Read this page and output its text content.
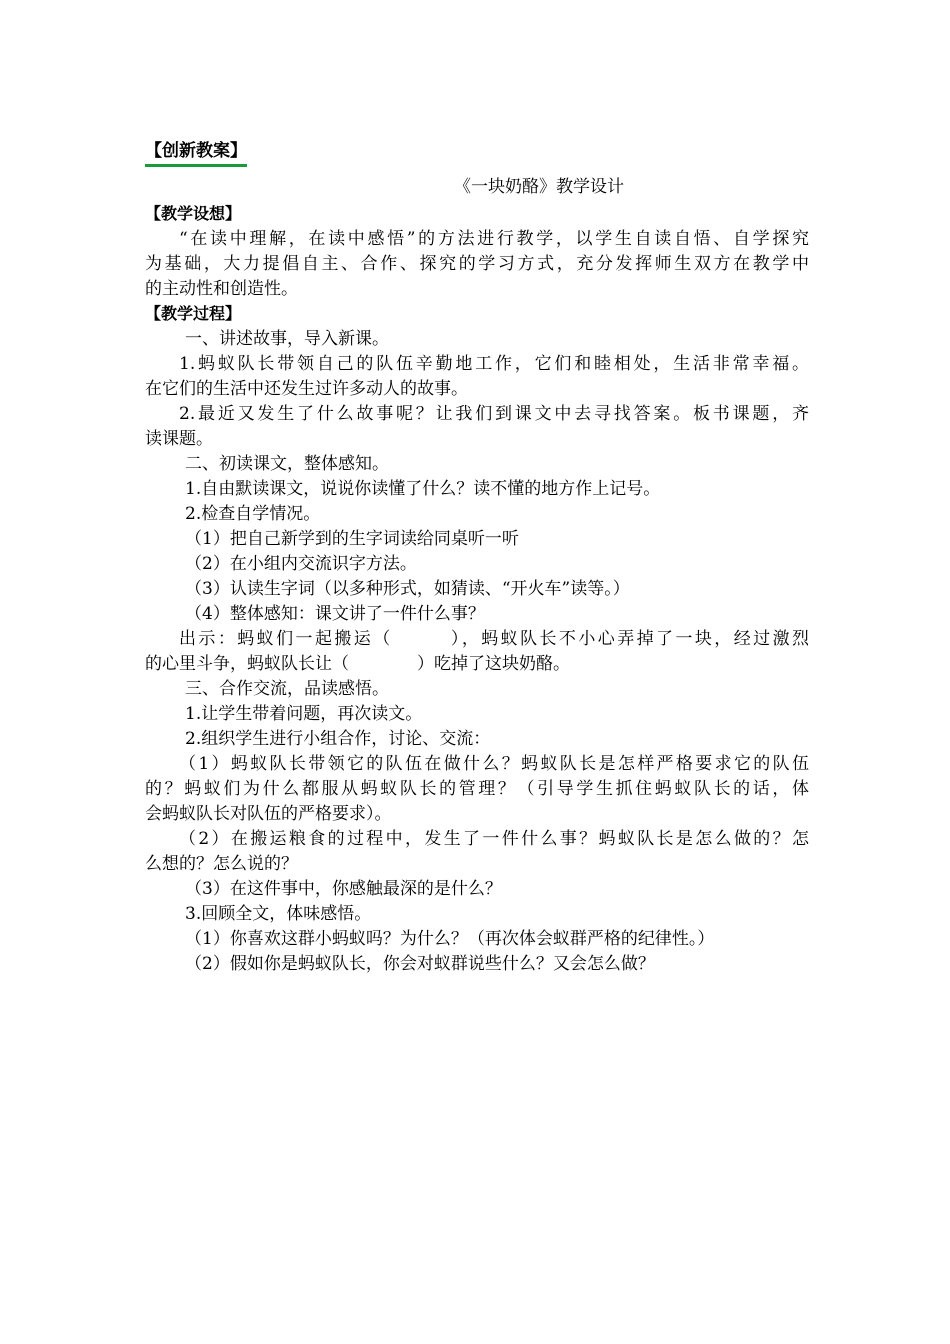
【创新教案】
《一块奶酪》教学设计
【教学设想】
“在读中理解，在读中感悟”的方法进行教学，以学生自读自悟、自学探究
为基础，大力提倡自主、合作、探究的学习方式，充分发挥师生双方在教学中
的主动性和创造性。
【教学过程】
一、讲述故事，导入新课。
1.蚂蚁队长带领自己的队伍辛勤地工作，它们和睦相处，生活非常幸福。
在它们的生活中还发生过许多动人的故事。
2.最近又发生了什么故事呢？让我们到课文中去寻找答案。板书课题，齐
读课题。
二、初读课文，整体感知。
1.自由默读课文，说说你读懂了什么？读不懂的地方作上记号。
2.检查自学情况。
（1）把自己新学到的生字词读给同桌听一听
（2）在小组内交流识字方法。
（3）认读生字词（以多种形式，如猜读、“开火车”读等。）
（4）整体感知：课文讲了一件什么事？
出示：蚂蚁们一起搬运（　　　），蚂蚁队长不小心弄掉了一块，经过激烈
的心里斗争，蚂蚁队长让（　　　　）吃掉了这块奶酪。
三、合作交流，品读感悟。
1.让学生带着问题，再次读文。
2.组织学生进行小组合作，讨论、交流：
（1）蚂蚁队长带领它的队伍在做什么？蚂蚁队长是怎样严格要求它的队伍
的？蚂蚁们为什么都服从蚂蚁队长的管理？（引导学生抓住蚂蚁队长的话，体
会蚂蚁队长对队伍的严格要求）。
（2）在搬运粮食的过程中，发生了一件什么事？蚂蚁队长是怎么做的？怎
么想的？怎么说的？
（3）在这件事中，你感触最深的是什么？
3.回顾全文，体味感悟。
（1）你喜欢这群小蚂蚁吗？为什么？（再次体会蚁群严格的纪律性。）
（2）假如你是蚂蚁队长，你会对蚁群说些什么？又会怎么做？
